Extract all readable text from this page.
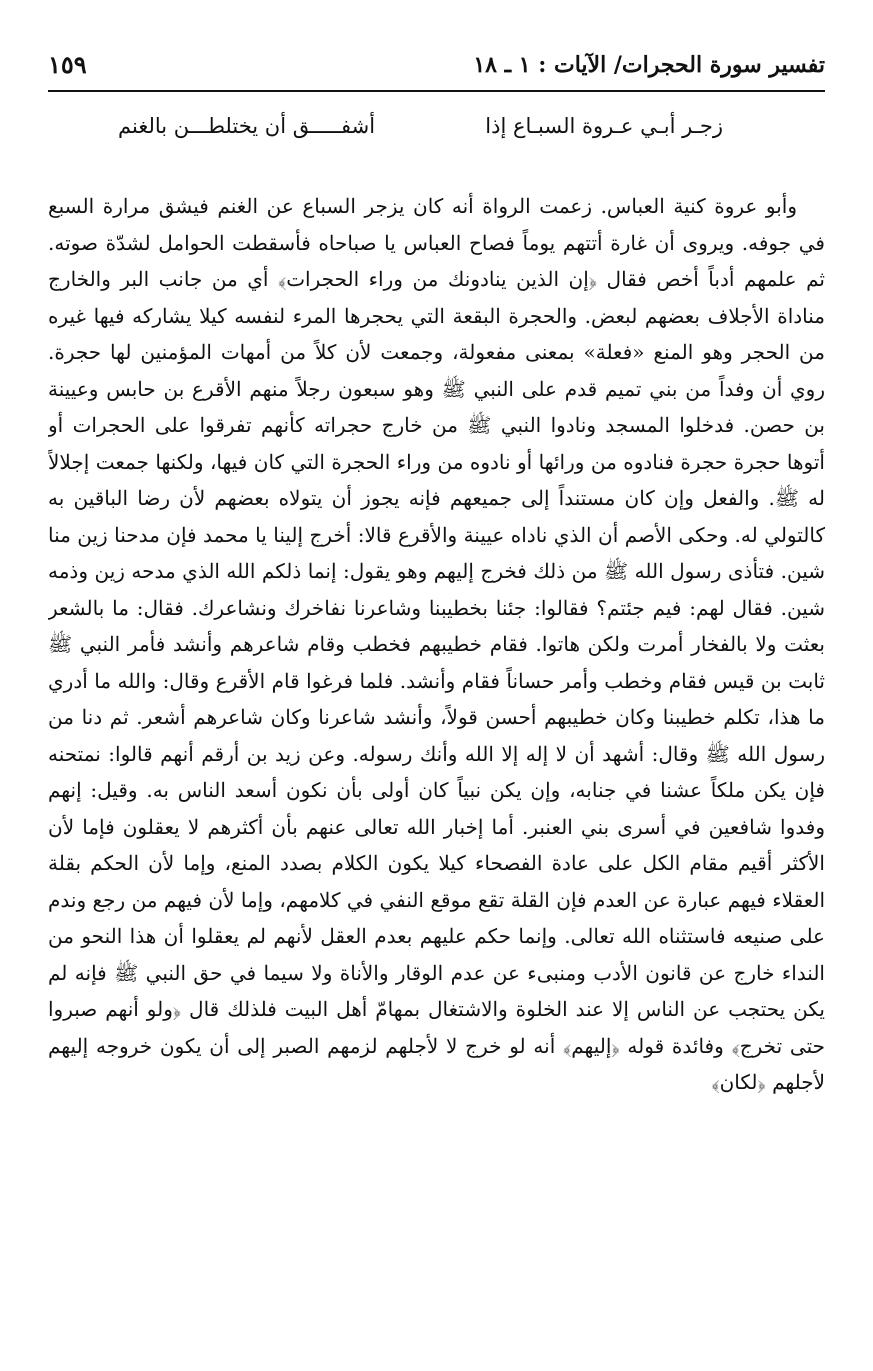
تفسير سورة الحجرات/ الآيات : ١ ـ ١٨
١٥٩
زجـر أبـي عـروة السبـاع إذا
أشفـــــق أن يختلطـــن بالغنم

وأبو عروة كنية العباس. زعمت الرواة أنه كان يزجر السباع عن الغنم فيشق مرارة السبع في جوفه. ويروى أن غارة أتتهم يوماً فصاح العباس يا صباحاه فأسقطت الحوامل لشدّة صوته. ثم علمهم أدباً أخص فقال ﴿إن الذين ينادونك من وراء الحجرات﴾ أي من جانب البر والخارج مناداة الأجلاف بعضهم لبعض. والحجرة البقعة التي يحجرها المرء لنفسه كيلا يشاركه فيها غيره من الحجر وهو المنع «فعلة» بمعنى مفعولة، وجمعت لأن كلاً من أمهات المؤمنين لها حجرة. روي أن وفداً من بني تميم قدم على النبي ﷺ وهو سبعون رجلاً منهم الأقرع بن حابس وعيينة بن حصن. فدخلوا المسجد ونادوا النبي ﷺ من خارج حجراته كأنهم تفرقوا على الحجرات أو أتوها حجرة حجرة فنادوه من ورائها أو نادوه من وراء الحجرة التي كان فيها، ولكنها جمعت إجلالاً له ﷺ. والفعل وإن كان مستنداً إلى جميعهم فإنه يجوز أن يتولاه بعضهم لأن رضا الباقين به كالتولي له. وحكى الأصم أن الذي ناداه عيينة والأقرع قالا: أخرج إلينا يا محمد فإن مدحنا زين منا شين. فتأذى رسول الله ﷺ من ذلك فخرج إليهم وهو يقول: إنما ذلكم الله الذي مدحه زين وذمه شين. فقال لهم: فيم جئتم؟ فقالوا: جئنا بخطيبنا وشاعرنا نفاخرك ونشاعرك. فقال: ما بالشعر بعثت ولا بالفخار أمرت ولكن هاتوا. فقام خطيبهم فخطب وقام شاعرهم وأنشد فأمر النبي ﷺ ثابت بن قيس فقام وخطب وأمر حساناً فقام وأنشد. فلما فرغوا قام الأقرع وقال: والله ما أدري ما هذا، تكلم خطيبنا وكان خطيبهم أحسن قولاً، وأنشد شاعرنا وكان شاعرهم أشعر. ثم دنا من رسول الله ﷺ وقال: أشهد أن لا إله إلا الله وأنك رسوله. وعن زيد بن أرقم أنهم قالوا: نمتحنه فإن يكن ملكاً عشنا في جنابه، وإن يكن نبياً كان أولى بأن نكون أسعد الناس به. وقيل: إنهم وفدوا شافعين في أسرى بني العنبر. أما إخبار الله تعالى عنهم بأن أكثرهم لا يعقلون فإما لأن الأكثر أقيم مقام الكل على عادة الفصحاء كيلا يكون الكلام بصدد المنع، وإما لأن الحكم بقلة العقلاء فيهم عبارة عن العدم فإن القلة تقع موقع النفي في كلامهم، وإما لأن فيهم من رجع وندم على صنيعه فاستثناه الله تعالى. وإنما حكم عليهم بعدم العقل لأنهم لم يعقلوا أن هذا النحو من النداء خارج عن قانون الأدب ومنبىء عن عدم الوقار والأناة ولا سيما في حق النبي ﷺ فإنه لم يكن يحتجب عن الناس إلا عند الخلوة والاشتغال بمهامّ أهل البيت فلذلك قال ﴿ولو أنهم صبروا حتى تخرج﴾ وفائدة قوله ﴿إليهم﴾ أنه لو خرج لا لأجلهم لزمهم الصبر إلى أن يكون خروجه إليهم لأجلهم ﴿لكان﴾
